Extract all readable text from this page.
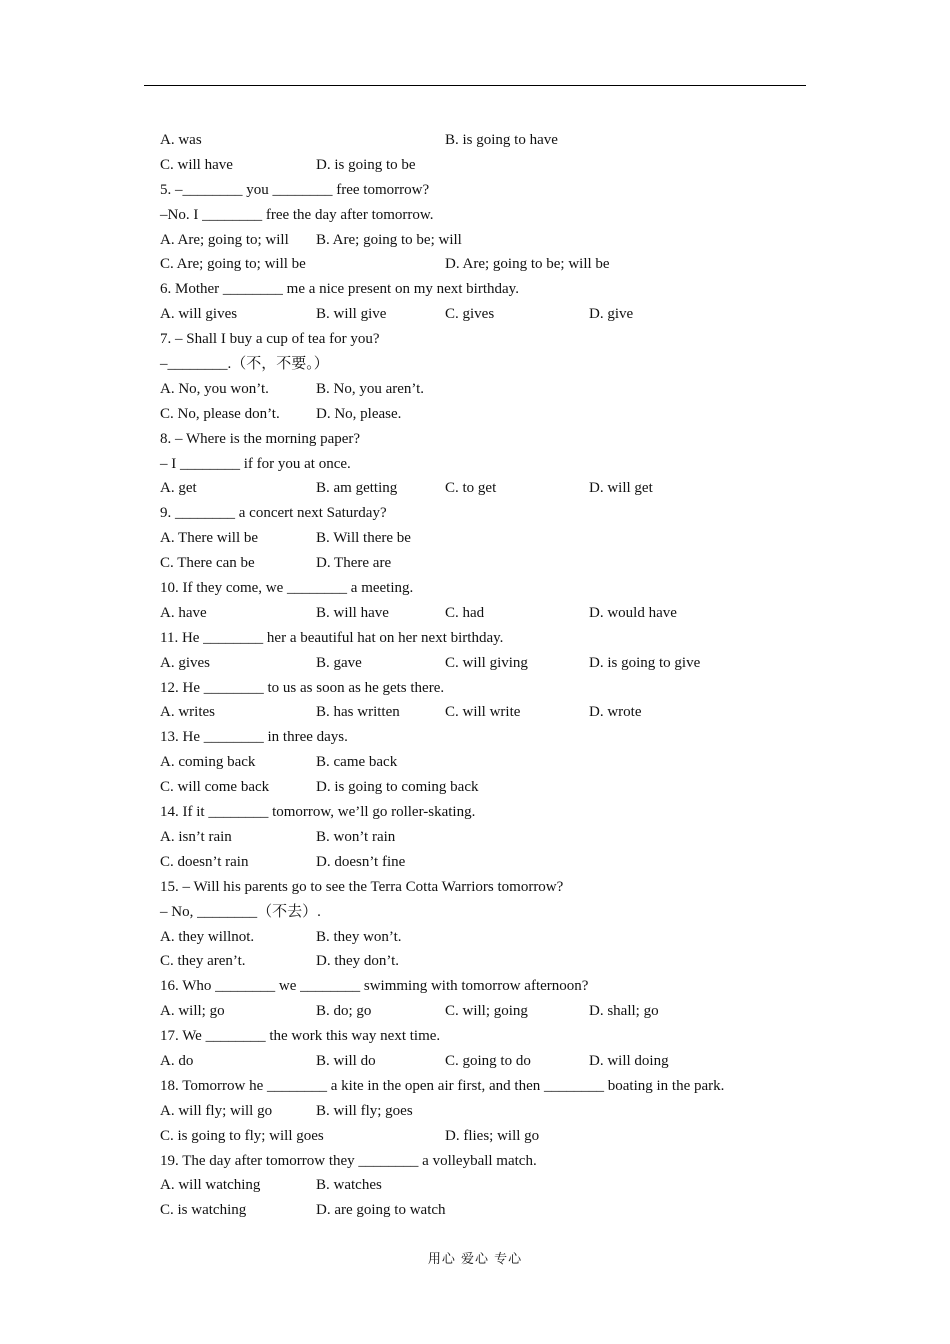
A. was	B. is going to have
C. will have	D. is going to be
5. –________ you ________ free tomorrow?
–No. I ________ free the day after tomorrow.
A. Are; going to; will B. Are; going to be; will
C. Are; going to; will be	D. Are; going to be; will be
6. Mother ________ me a nice present on my next birthday.
A. will gives	B. will give	C. gives	D. give
7. – Shall I buy a cup of tea for you?
–________.（不，不要。）
A. No, you won’t.	B. No, you aren’t.
C. No, please don’t. D. No, please.
8. – Where is the morning paper?
– I ________ if for you at once.
A. get	B. am getting	C. to get	D. will get
9. ________ a concert next Saturday?
A. There will be	B. Will there be
C. There can be	D. There are
10. If they come, we ________ a meeting.
A. have	B. will have	C. had	D. would have
11. He ________ her a beautiful hat on her next birthday.
A. gives	B. gave	C. will giving	D. is going to give
12. He ________ to us as soon as he gets there.
A. writes	B. has written	C. will write	D. wrote
13. He ________ in three days.
A. coming back	B. came back
C. will come back	D. is going to coming back
14. If it ________ tomorrow, we’ll go roller-skating.
A. isn’t rain	B. won’t rain
C. doesn’t rain	D. doesn’t fine
15. – Will his parents go to see the Terra Cotta Warriors tomorrow?
– No, ________（不去）.
A. they willnot.	B. they won’t.
C. they aren’t.	D. they don’t.
16. Who ________ we ________ swimming with tomorrow afternoon?
A. will; go	B. do; go	C. will; going	D. shall; go
17. We ________ the work this way next time.
A. do	B. will do	C. going to do	D. will doing
18. Tomorrow he ________ a kite in the open air first, and then ________ boating in the park.
A. will fly; will go	B. will fly; goes
C. is going to fly; will goes	D. flies; will go
19. The day after tomorrow they ________ a volleyball match.
A. will watching	B. watches
C. is watching	D. are going to watch
用心 爱心 专心
